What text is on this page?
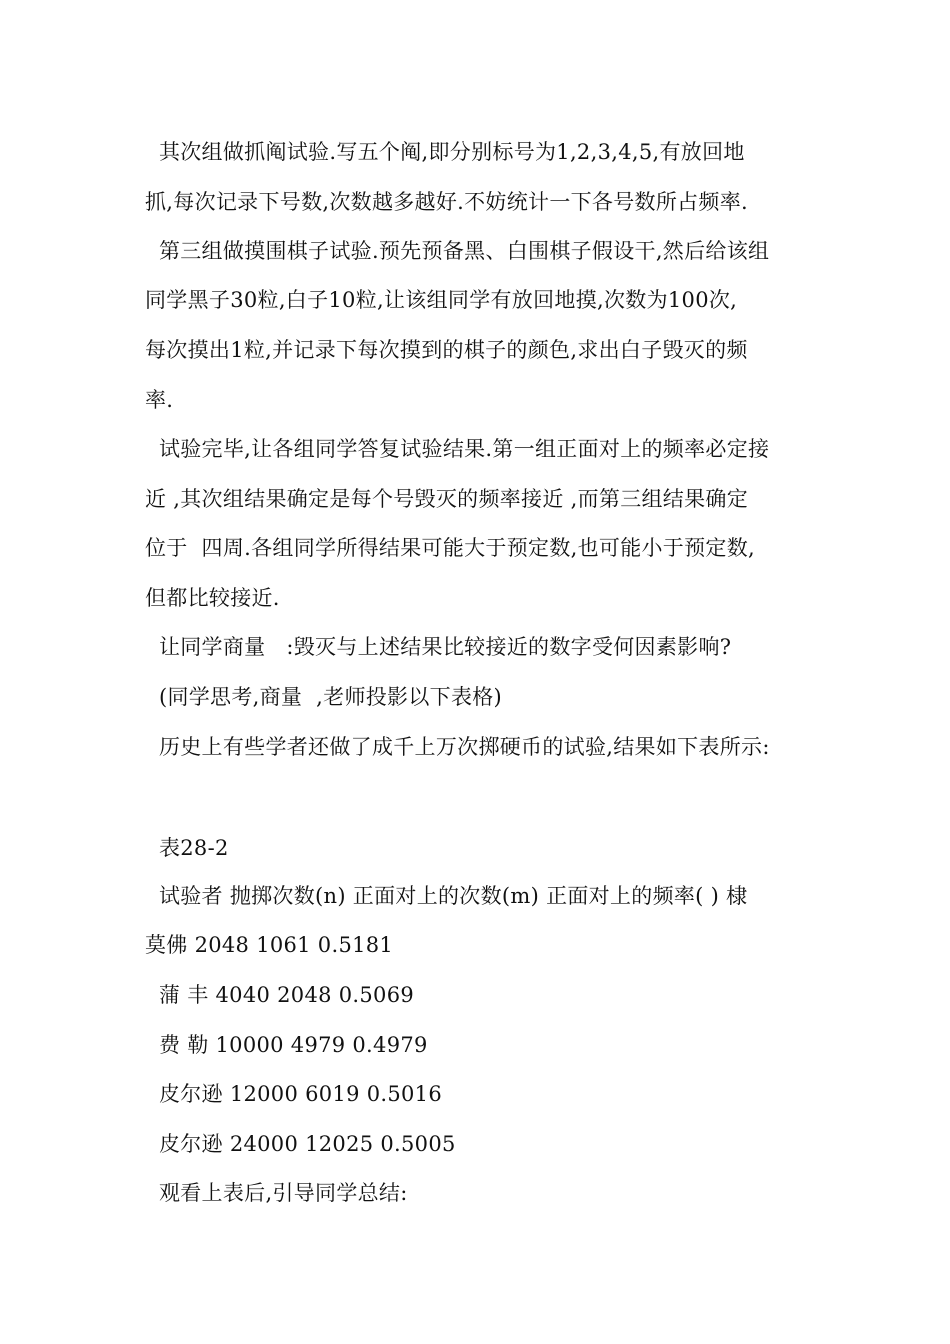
其次组做抓阄试验.写五个阄,即分别标号为1,2,3,4,5,有放回地
抓,每次记录下号数,次数越多越好.不妨统计一下各号数所占频率.
第三组做摸围棋子试验.预先预备黑、白围棋子假设干,然后给该组
同学黑子30粒,白子10粒,让该组同学有放回地摸,次数为100次,
每次摸出1粒,并记录下每次摸到的棋子的颜色,求出白子毁灭的频
率.
试验完毕,让各组同学答复试验结果.第一组正面对上的频率必定接
近 ,其次组结果确定是每个号毁灭的频率接近 ,而第三组结果确定
位于  四周.各组同学所得结果可能大于预定数,也可能小于预定数,
但都比较接近.
让同学商量   :毁灭与上述结果比较接近的数字受何因素影响?
(同学思考,商量  ,老师投影以下表格)
历史上有些学者还做了成千上万次掷硬币的试验,结果如下表所示:
表28-2
试验者 抛掷次数(n) 正面对上的次数(m) 正面对上的频率( ) 棣
莫佛 2048 1061 0.5181
蒲 丰 4040 2048 0.5069
费 勒 10000 4979 0.4979
皮尔逊 12000 6019 0.5016
皮尔逊 24000 12025 0.5005
观看上表后,引导同学总结:
